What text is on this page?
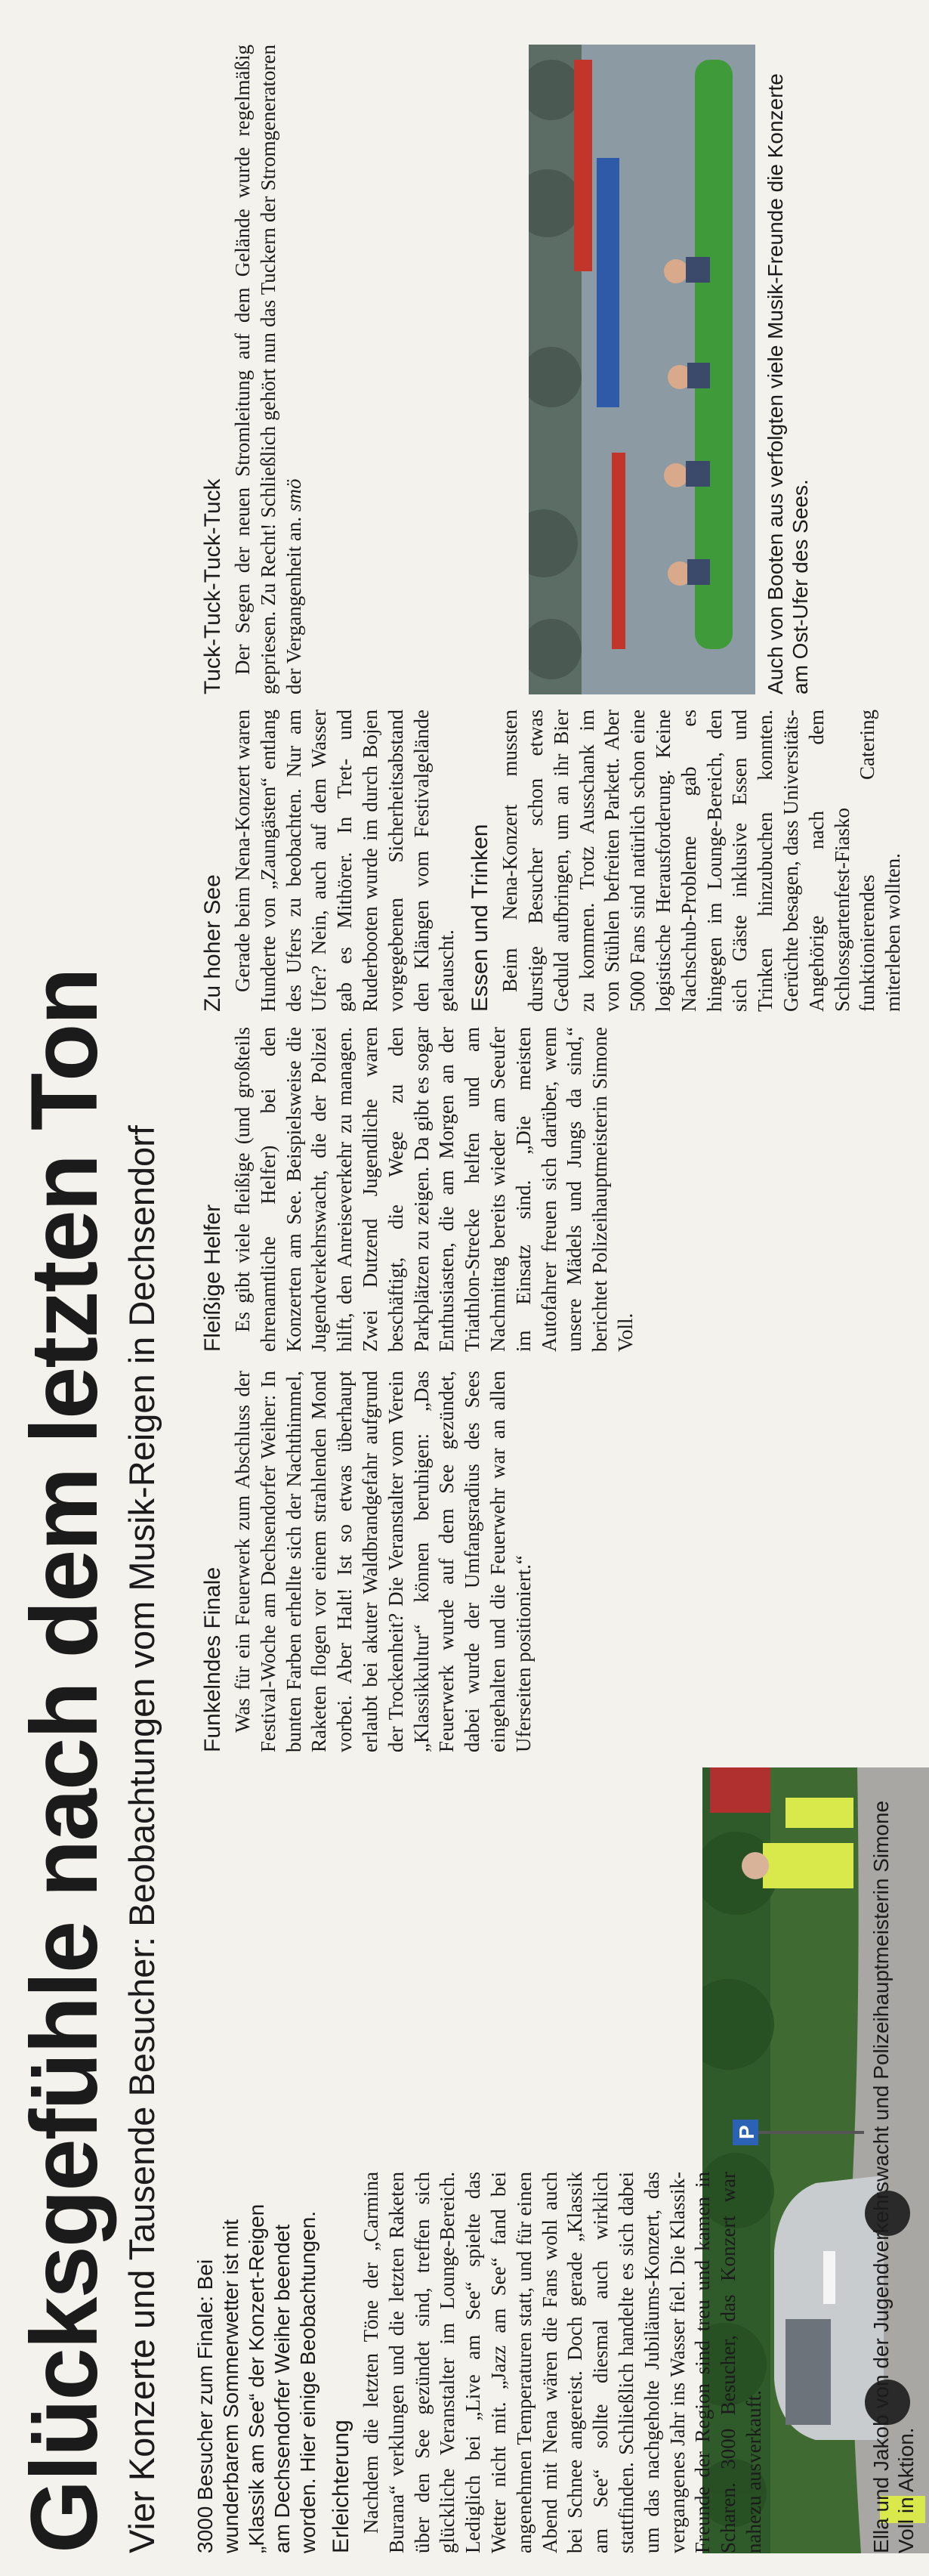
Glücksgefühle nach dem letzten Ton Vier Konzerte und Tausende Besucher: Beobachtungen vom Musik-Reigen in Dechsendorf	P

3000 Besucher zum Finale: Bei wunderbarem Sommerwetter ist mit „Klassik am See“ der Konzert-Reigen am Dechsendorfer Weiher beendet worden. Hier einige Beobachtungen. Erleichterung Nachdem die letzten Töne der „Carmina Burana“ verklungen und die letzten Raketen über den See gezündet sind, treffen sich glückliche Veranstalter im Lounge-Bereich. Lediglich bei „Live am See“ spielte das Wetter nicht mit. „Jazz am See“ fand bei angenehmen Temperaturen statt, und für einen Abend mit Nena wären die Fans wohl auch bei Schnee angereist. Doch gerade „Klassik am See“ sollte diesmal auch wirklich stattfinden. Schließlich handelte es sich dabei um das nachgeholte Jubiläums-Konzert, das vergangenes Jahr ins Wasser fiel. Die Klassik-Freunde der Region sind treu und kamen in Scharen. 3000 Besucher, das Konzert war nahezu ausverkauft.	Ella und Jakob von der Jugendverkehrswacht und Polizeihauptmeisterin Simone Voll in Aktion.
Funkelndes Finale Was für ein Feuerwerk zum Abschluss der Festival-Woche am Dechsendorfer Weiher: In bunten Farben erhellte sich der Nachthimmel, Raketen flogen vor einem strahlenden Mond vorbei. Aber Halt! Ist so etwas überhaupt erlaubt bei akuter Waldbrandgefahr aufgrund der Trockenheit? Die Veranstalter vom Verein „Klassikkultur“ können beruhigen: „Das Feuerwerk wurde auf dem See gezündet, dabei wurde der Umfangsradius des Sees eingehalten und die Feuerwehr war an allen Uferseiten positioniert.“

Fleißige Helfer Es gibt viele fleißige (und großteils ehrenamtliche Helfer) bei den Konzerten am See. Beispielsweise die Jugendverkehrswacht, die der Polizei hilft, den Anreiseverkehr zu managen. Zwei Dutzend Jugendliche waren beschäftigt, die Wege zu den Parkplätzen zu zeigen. Da gibt es sogar Enthusiasten, die am Morgen an der Triathlon-Strecke helfen und am Nachmittag bereits wieder am Seeufer im Einsatz sind. „Die meisten Autofahrer freuen sich darüber, wenn unsere Mädels und Jungs da sind,“ berichtet Polizeihauptmeisterin Simone Voll.

Zu hoher See Gerade beim Nena-Konzert waren Hunderte von „Zaungästen“ entlang des Ufers zu beobachten. Nur am Ufer? Nein, auch auf dem Wasser gab es Mithörer. In Tret- und Ruderbooten wurde im durch Bojen vorgegebenen Sicherheitsabstand den Klängen vom Festivalgelände gelauscht. Essen und Trinken Beim Nena-Konzert mussten durstige Besucher schon etwas Geduld aufbringen, um an ihr Bier zu kommen. Trotz Ausschank im von Stühlen befreiten Parkett. Aber 5000 Fans sind natürlich schon eine logistische Herausforderung. Keine Nachschub-Probleme gab es hingegen im Lounge-Bereich, den sich Gäste inklusive Essen und Trinken hinzubuchen konnten. Gerüchte besagen, dass Universitäts-Angehörige nach dem Schlossgartenfest-Fiasko funktionierendes Catering miterleben wollten.

Tuck-Tuck-Tuck-Tuck Der Segen der neuen Stromleitung auf dem Gelände wurde regelmäßig gepriesen. Zu Recht! Schließlich gehört nun das Tuckern der Stromgeneratoren der Vergangenheit an. smö	Auch von Booten aus verfolgten viele Musik-Freunde die Konzerte am Ost-Ufer des Sees.
